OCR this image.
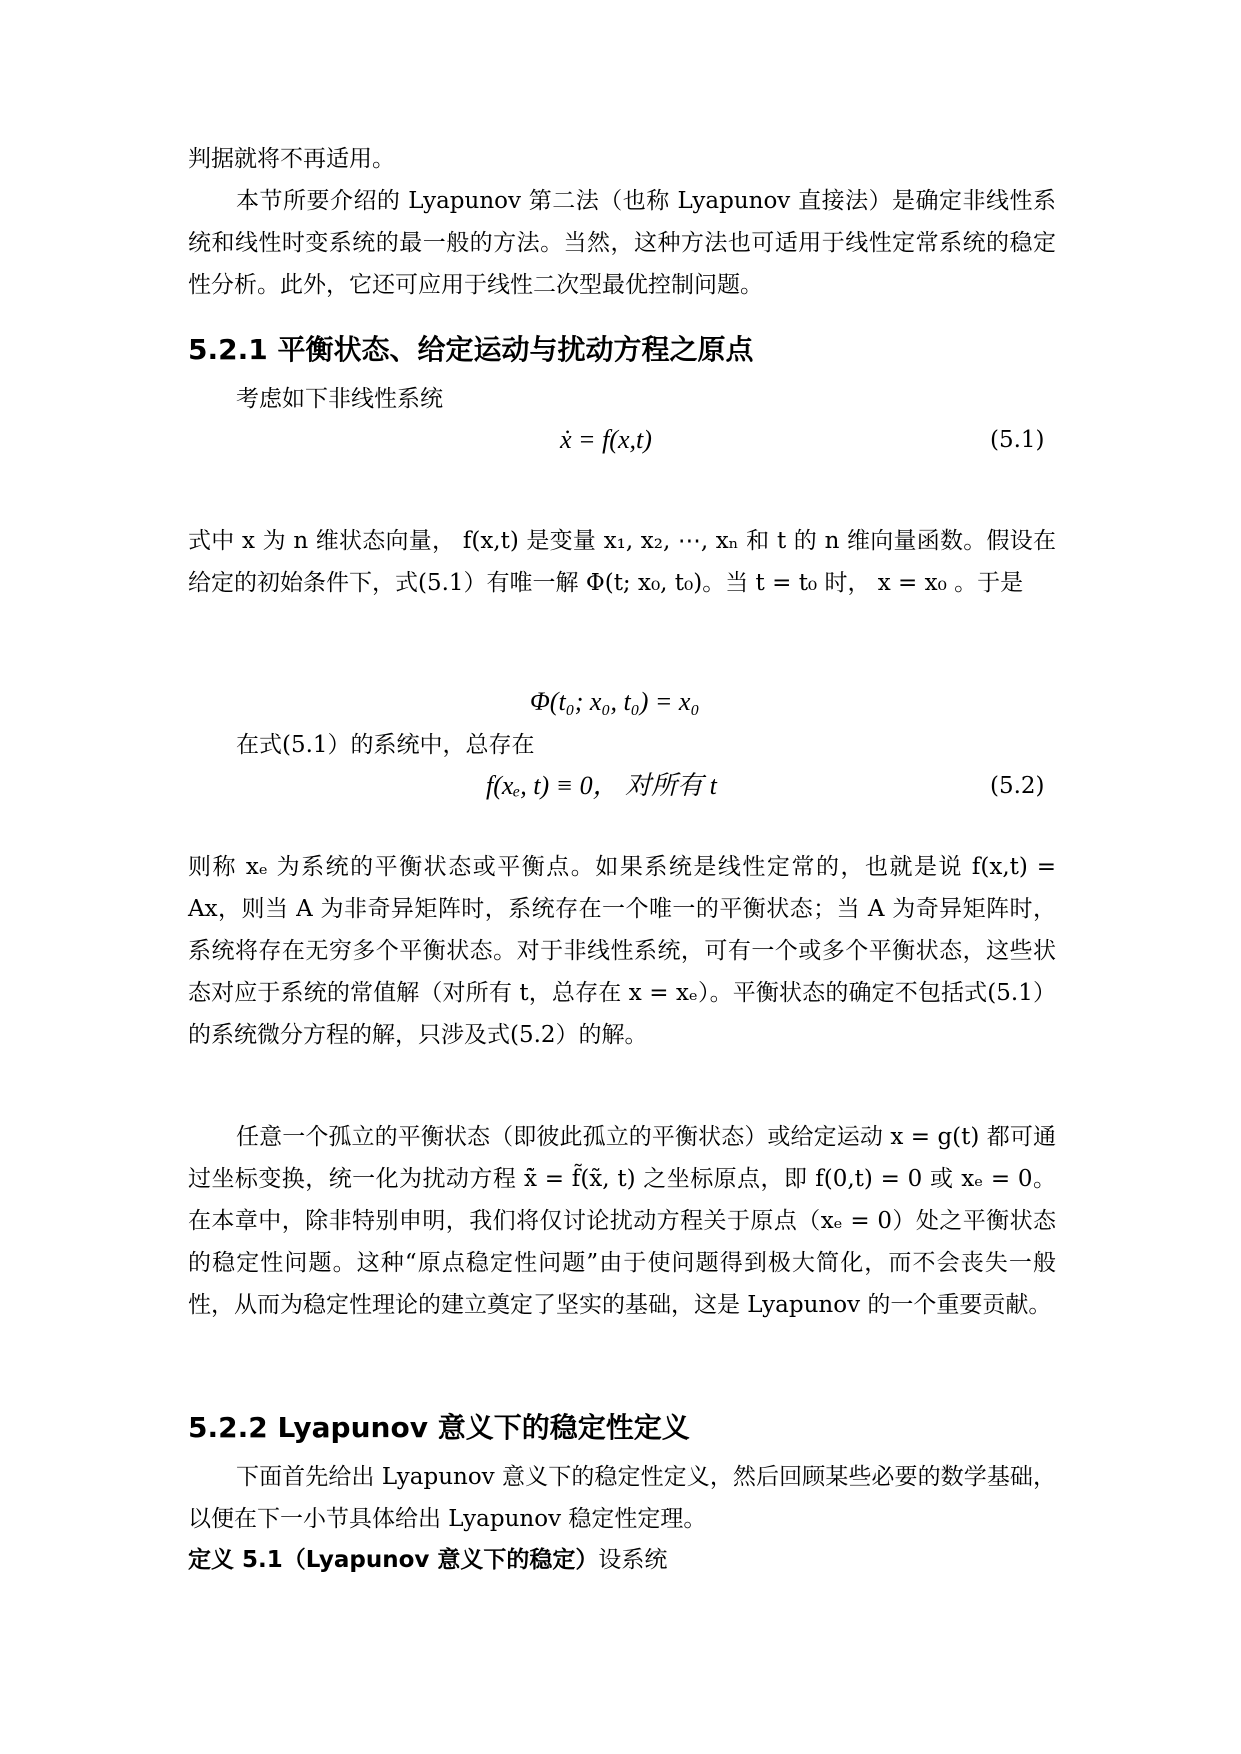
判据就将不再适用。
本节所要介绍的 Lyapunov 第二法（也称 Lyapunov 直接法）是确定非线性系统和线性时变系统的最一般的方法。当然，这种方法也可适用于线性定常系统的稳定性分析。此外，它还可应用于线性二次型最优控制问题。
5.2.1 平衡状态、给定运动与扰动方程之原点
考虑如下非线性系统
ẋ = f(x,t)	(5.1)
式中 x 为 n 维状态向量， f(x,t) 是变量 x₁, x₂, ⋯, xₙ 和 t 的 n 维向量函数。假设在给定的初始条件下，式(5.1）有唯一解 Φ(t; x₀, t₀)。当 t = t₀ 时， x = x₀ 。于是
Φ(t₀; x₀, t₀) = x₀
在式(5.1）的系统中，总存在
f(xₑ, t) ≡ 0， 对所有 t	(5.2)
则称 xₑ 为系统的平衡状态或平衡点。如果系统是线性定常的，也就是说 f(x,t) = Ax，则当 A 为非奇异矩阵时，系统存在一个唯一的平衡状态；当 A 为奇异矩阵时，系统将存在无穷多个平衡状态。对于非线性系统，可有一个或多个平衡状态，这些状态对应于系统的常值解（对所有 t，总存在 x = xₑ）。平衡状态的确定不包括式(5.1）的系统微分方程的解，只涉及式(5.2）的解。
任意一个孤立的平衡状态（即彼此孤立的平衡状态）或给定运动 x = g(t) 都可通过坐标变换，统一化为扰动方程 x̃̇ = f̃(x̃, t) 之坐标原点，即 f(0,t) = 0 或 xₑ = 0。在本章中，除非特别申明，我们将仅讨论扰动方程关于原点（xₑ = 0）处之平衡状态的稳定性问题。这种“原点稳定性问题”由于使问题得到极大简化，而不会丧失一般性，从而为稳定性理论的建立奠定了坚实的基础，这是 Lyapunov 的一个重要贡献。
5.2.2 Lyapunov 意义下的稳定性定义
下面首先给出 Lyapunov 意义下的稳定性定义，然后回顾某些必要的数学基础，以便在下一小节具体给出 Lyapunov 稳定性定理。
定义 5.1（Lyapunov 意义下的稳定）设系统
